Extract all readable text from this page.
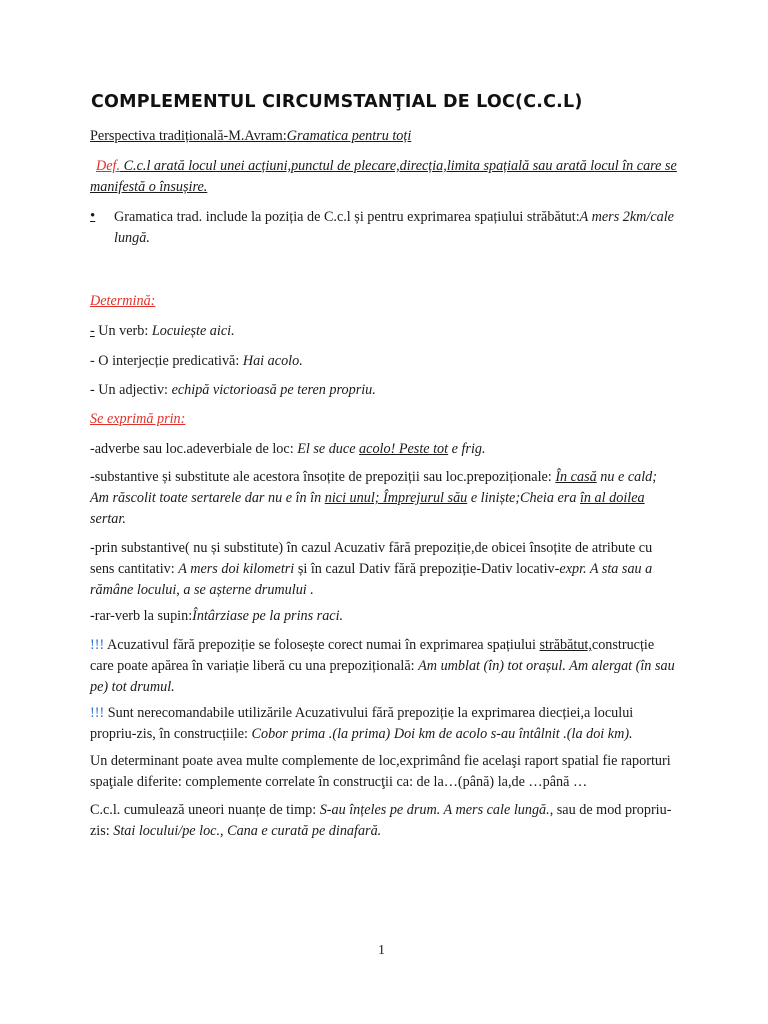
COMPLEMENTUL CIRCUMSTANŢIAL DE LOC(C.C.L)
Perspectiva tradițională-M.Avram:Gramatica pentru toți
Def. C.c.l arată locul unei acțiuni,punctul de plecare,direcția,limita spațială sau arată locul în care se manifestă o însușire.
• Gramatica trad. include la poziția de C.c.l și pentru exprimarea spațiului străbătut:A mers 2km/cale lungă.
Determină:
- Un verb: Locuiește aici.
- O interjecție predicativă: Hai acolo.
- Un adjectiv: echipă victorioasă pe teren propriu.
Se exprimă prin:
-adverbe sau loc.adeverbiale de loc: El se duce acolo! Peste tot e frig.
-substantive și substitute ale acestora însoțite de prepoziții sau loc.prepoziționale: În casă nu e cald; Am răscolit toate sertarele dar nu e în în nici unul; Împrejurul său e liniște;Cheia era în al doilea sertar.
-prin substantive( nu și substitute) în cazul Acuzativ fără prepoziție,de obicei însoțite de atribute cu sens cantitativ: A mers doi kilometri și în cazul Dativ fără prepoziție-Dativ locativ-expr. A sta sau a rămâne locului, a se așterne drumului .
-rar-verb la supin:Întârziase pe la prins raci.
!!! Acuzativul fără prepoziție se folosește corect numai în exprimarea spațiului străbătut,construcție care poate apărea în variație liberă cu una prepozițională: Am umblat (în) tot orașul. Am alergat (în sau pe) tot drumul.
!!! Sunt nerecomandabile utilizările Acuzativului fără prepoziție la exprimarea diecției,a locului propriu-zis, în construcțiile: Cobor prima .(la prima) Doi km de acolo s-au întâlnit .(la doi km).
Un determinant poate avea multe complemente de loc,exprimând fie acelaşi raport spatial fie raporturi spaţiale diferite: complemente correlate în construcţii ca: de la…(până) la,de …până …
C.c.l. cumulează uneori nuanțe de timp: S-au înțeles pe drum. A mers cale lungă., sau de mod propriu-zis: Stai locului/pe loc., Cana e curată pe dinafară.
1
